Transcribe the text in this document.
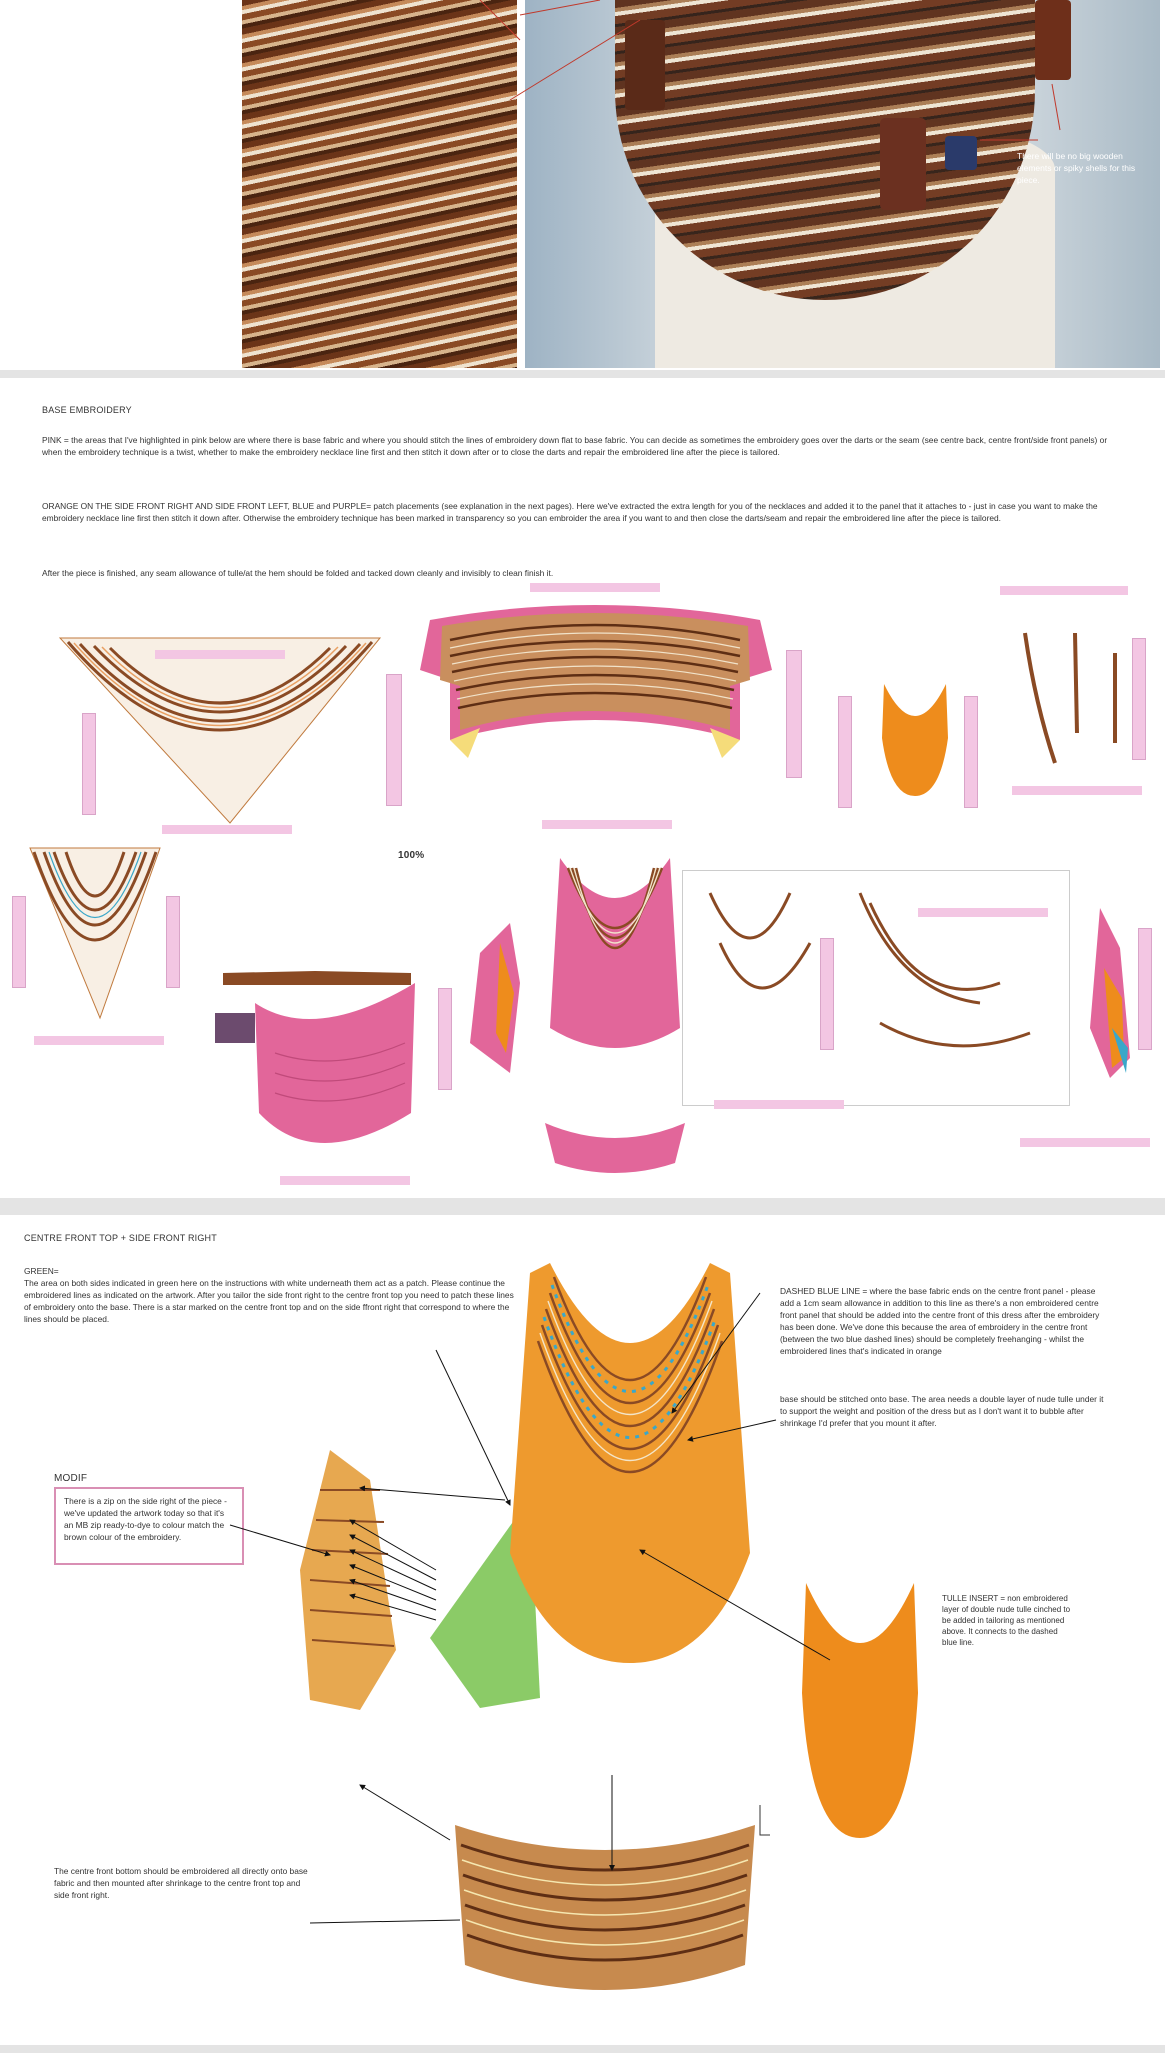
There will be no big wooden elements or spiky shells for this piece.
BASE EMBROIDERY
PINK = the areas that I've highlighted in pink below are where there is base fabric and where you should stitch the lines of embroidery down flat to base fabric. You can decide as sometimes the embroidery goes over the darts or the seam (see centre back, centre front/side front panels) or when the embroidery technique is a twist, whether to make the embroidery necklace line first and then stitch it down after or to close the darts and repair the embroidered line after the piece is tailored.
ORANGE ON THE SIDE FRONT RIGHT AND SIDE FRONT LEFT, BLUE and PURPLE= patch placements (see explanation in the next pages). Here we've extracted the extra length for you of the necklaces and added it to the panel that it attaches to - just in case you want to make the embroidery necklace line first then stitch it down after. Otherwise the embroidery technique has been marked in transparency so you can embroider the area if you want to and then close the darts/seam and repair the embroidered line after the piece is tailored.
After the piece is finished, any seam allowance of tulle/at the hem should be folded and tacked down cleanly and invisibly to clean finish it.
100%
CENTRE FRONT TOP + SIDE FRONT RIGHT
GREEN=
The area on both sides indicated in green here on the instructions with white underneath them act as a patch. Please continue the embroidered lines as indicated on the artwork. After you tailor the side front right to the centre front top you need to patch these lines of embroidery onto the base. There is a star marked on the centre front top and on the side ffront right that correspond to where the lines should be placed.
MODIF
There is a zip on the side right of the piece - we've updated the artwork today so that it's an MB zip ready-to-dye to colour match the brown colour of the embroidery.
DASHED BLUE LINE = where the base fabric ends on the centre front panel - please add a 1cm seam allowance in addition to this line as there's a non embroidered centre front panel that should be added into the centre front of this dress after the embroidery has been done. We've done this because the area of embroidery in the centre front (between the two blue dashed lines) should be completely freehanging - whilst the embroidered lines that's indicated in orange
base should be stitched onto base. The area needs a double layer of nude tulle under it to support the weight and position of the dress but as I don't want it to bubble after shrinkage I'd prefer that you mount it after.
TULLE INSERT = non embroidered layer of double nude tulle cinched to be added in tailoring as mentioned above. It connects to the dashed blue line.
The centre front bottom should be embroidered all directly onto base fabric and then mounted after shrinkage to the centre front top and side front right.
